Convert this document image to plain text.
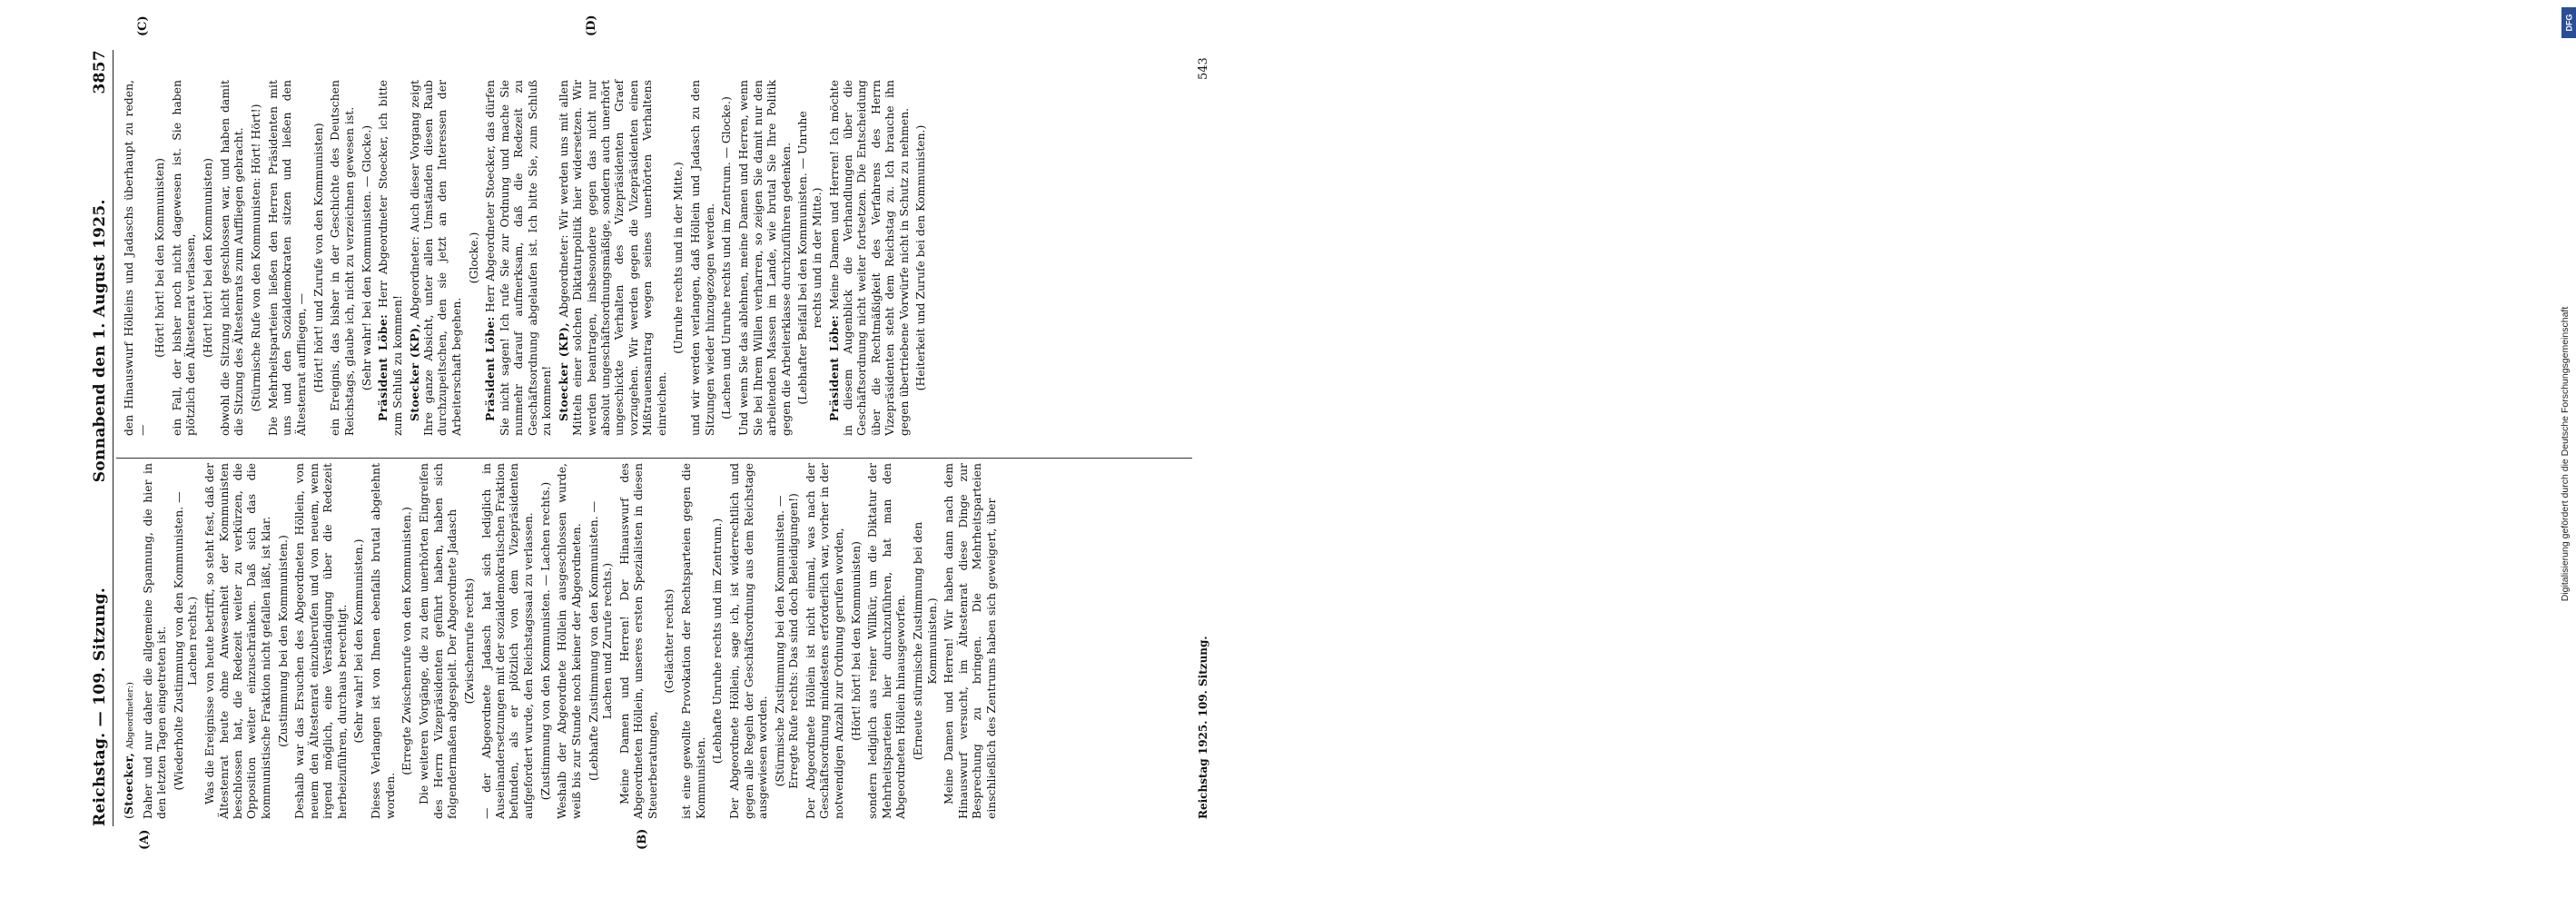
Reichstag. — 109. Sitzung.
Sonnabend den 1. August 1925.
3857
(A)	(B)
(C)	(D)

(Stoecker, Abgeordneter:) Daher und nur daher die allgemeine Spannung, die hier in den letzten Tagen eingetreten ist. (Wiederholte Zustimmung von den Kommunisten. — Lachen rechts.) Was die Ereignisse von heute betrifft, so steht fest, daß der Ältestenrat heute ohne Anwesenheit der Kommunisten beschlossen hat, die Redezeit weiter zu verkürzen, die Opposition weiter einzuschränken. Daß sich das die kommunistische Fraktion nicht gefallen läßt, ist klar. (Zustimmung bei den Kommunisten.) Deshalb war das Ersuchen des Abgeordneten Höllein, von neuem den Ältestenrat einzuberufen und von neuem, wenn irgend möglich, eine Verständigung über die Redezeit herbeizuführen, durchaus berechtigt. (Sehr wahr! bei den Kommunisten.) Dieses Verlangen ist von Ihnen ebenfalls brutal abgelehnt worden.

(Erregte Zwischenrufe von den Kommunisten.) Die weiteren Vorgänge, die zu dem unerhörten Eingreifen des Herrn Vizepräsidenten geführt haben, haben sich folgendermaßen abgespielt. Der Abgeordnete Jadasch (Zwischenrufe rechts) — der Abgeordnete Jadasch hat sich lediglich in Auseinandersetzungen mit der sozialdemokratischen Fraktion befunden, als er plötzlich von dem Vizepräsidenten aufgefordert wurde, den Reichstagssaal zu verlassen. (Zustimmung von den Kommunisten. — Lachen rechts.) Weshalb der Abgeordnete Höllein ausgeschlossen wurde, weiß bis zur Stunde noch keiner der Abgeordneten. (Lebhafte Zustimmung von den Kommunisten. — Lachen und Zurufe rechts.) Meine Damen und Herren! Der Hinauswurf des Abgeordneten Höllein, unseres ersten Spezialisten in diesen Steuerberatungen,

(Gelächter rechts) ist eine gewollte Provokation der Rechtsparteien gegen die Kommunisten.

(Lebhafte Unruhe rechts und im Zentrum.) Der Abgeordnete Höllein, sage ich, ist widerrechtlich und gegen alle Regeln der Geschäftsordnung aus dem Reichstage ausgewiesen worden. (Stürmische Zustimmung bei den Kommunisten. — Erregte Rufe rechts: Das sind doch Beleidigungen!) Der Abgeordnete Höllein ist nicht einmal, was nach der Geschäftsordnung mindestens erforderlich war, vorher in der notwendigen Anzahl zur Ordnung gerufen worden, (Hört! hört! bei den Kommunisten) sondern lediglich aus reiner Willkür, um die Diktatur der Mehrheitsparteien hier durchzuführen, hat man den Abgeordneten Höllein hinausgeworfen. (Erneute stürmische Zustimmung bei den Kommunisten.) Meine Damen und Herren! Wir haben dann nach dem Hinauswurf versucht, im Ältestenrat diese Dinge zur Besprechung zu bringen. Die Mehrheitsparteien einschließlich des Zentrums haben sich geweigert, über

den Hinauswurf Hölleins und Jadaschs überhaupt zu reden, —

(Hört! hört! bei den Kommunisten) ein Fall, der bisher noch nicht dagewesen ist. Sie haben plötzlich den Ältestenrat verlassen, (Hört! hört! bei den Kommunisten) obwohl die Sitzung nicht geschlossen war, und haben damit die Sitzung des Ältestenrats zum Auffliegen gebracht. (Stürmische Rufe von den Kommunisten: Hört! Hört!) Die Mehrheitsparteien ließen den Herren Präsidenten mit uns und den Sozialdemokraten sitzen und ließen den Ältestenrat auffliegen, — (Hört! hört! und Zurufe von den Kommunisten) ein Ereignis, das bisher in der Geschichte des Deutschen Reichstags, glaube ich, nicht zu verzeichnen gewesen ist. (Sehr wahr! bei den Kommunisten. — Glocke.) Präsident Löbe: Herr Abgeordneter Stoecker, ich bitte zum Schluß zu kommen! Stoecker (KP), Abgeordneter: Auch dieser Vorgang zeigt Ihre ganze Absicht, unter allen Umständen diesen Raub durchzupeitschen, den sie jetzt an den Interessen der Arbeiterschaft begehen.

(Glocke.)

Präsident Löbe: Herr Abgeordneter Stoecker, das dürfen Sie nicht sagen! Ich rufe Sie zur Ordnung und mache Sie nunmehr darauf aufmerksam, daß die Redezeit zu Geschäftsordnung abgelaufen ist. Ich bitte Sie, zum Schluß zu kommen! Stoecker (KP), Abgeordneter: Wir werden uns mit allen Mitteln einer solchen Diktaturpolitik hier widersetzen. Wir werden beantragen, insbesondere gegen das nicht nur absolut ungeschäftsordnungsmäßige, sondern auch unerhört ungeschickte Verhalten des Vizepräsidenten Graef vorzugehen. Wir werden gegen die Vizepräsidenten einen Mißtrauensantrag wegen seines unerhörten Verhaltens einreichen.

(Unruhe rechts und in der Mitte.) und wir werden verlangen, daß Höllein und Jadasch zu den Sitzungen wieder hinzugezogen werden. (Lachen und Unruhe rechts und im Zentrum. — Glocke.) Und wenn Sie das ablehnen, meine Damen und Herren, wenn Sie bei Ihrem Willen verharren, so zeigen Sie damit nur den arbeitenden Massen im Lande, wie brutal Sie Ihre Politik gegen die Arbeiterklasse durchzuführen gedenken. (Lebhafter Beifall bei den Kommunisten. — Unruhe rechts und in der Mitte.)

Präsident Löbe: Meine Damen und Herren! Ich möchte in diesem Augenblick die Verhandlungen über die Geschäftsordnung nicht weiter fortsetzen. Die Entscheidung über die Rechtmäßigkeit des Verfahrens des Herrn Vizepräsidenten steht dem Reichstag zu. Ich brauche ihn gegen übertriebene Vorwürfe nicht in Schutz zu nehmen. (Heiterkeit und Zurufe bei den Kommunisten.)

Reichstag 1925. 109. Sitzung.
543
DFG
Digitalisierung gefördert durch die Deutsche Forschungsgemeinschaft
